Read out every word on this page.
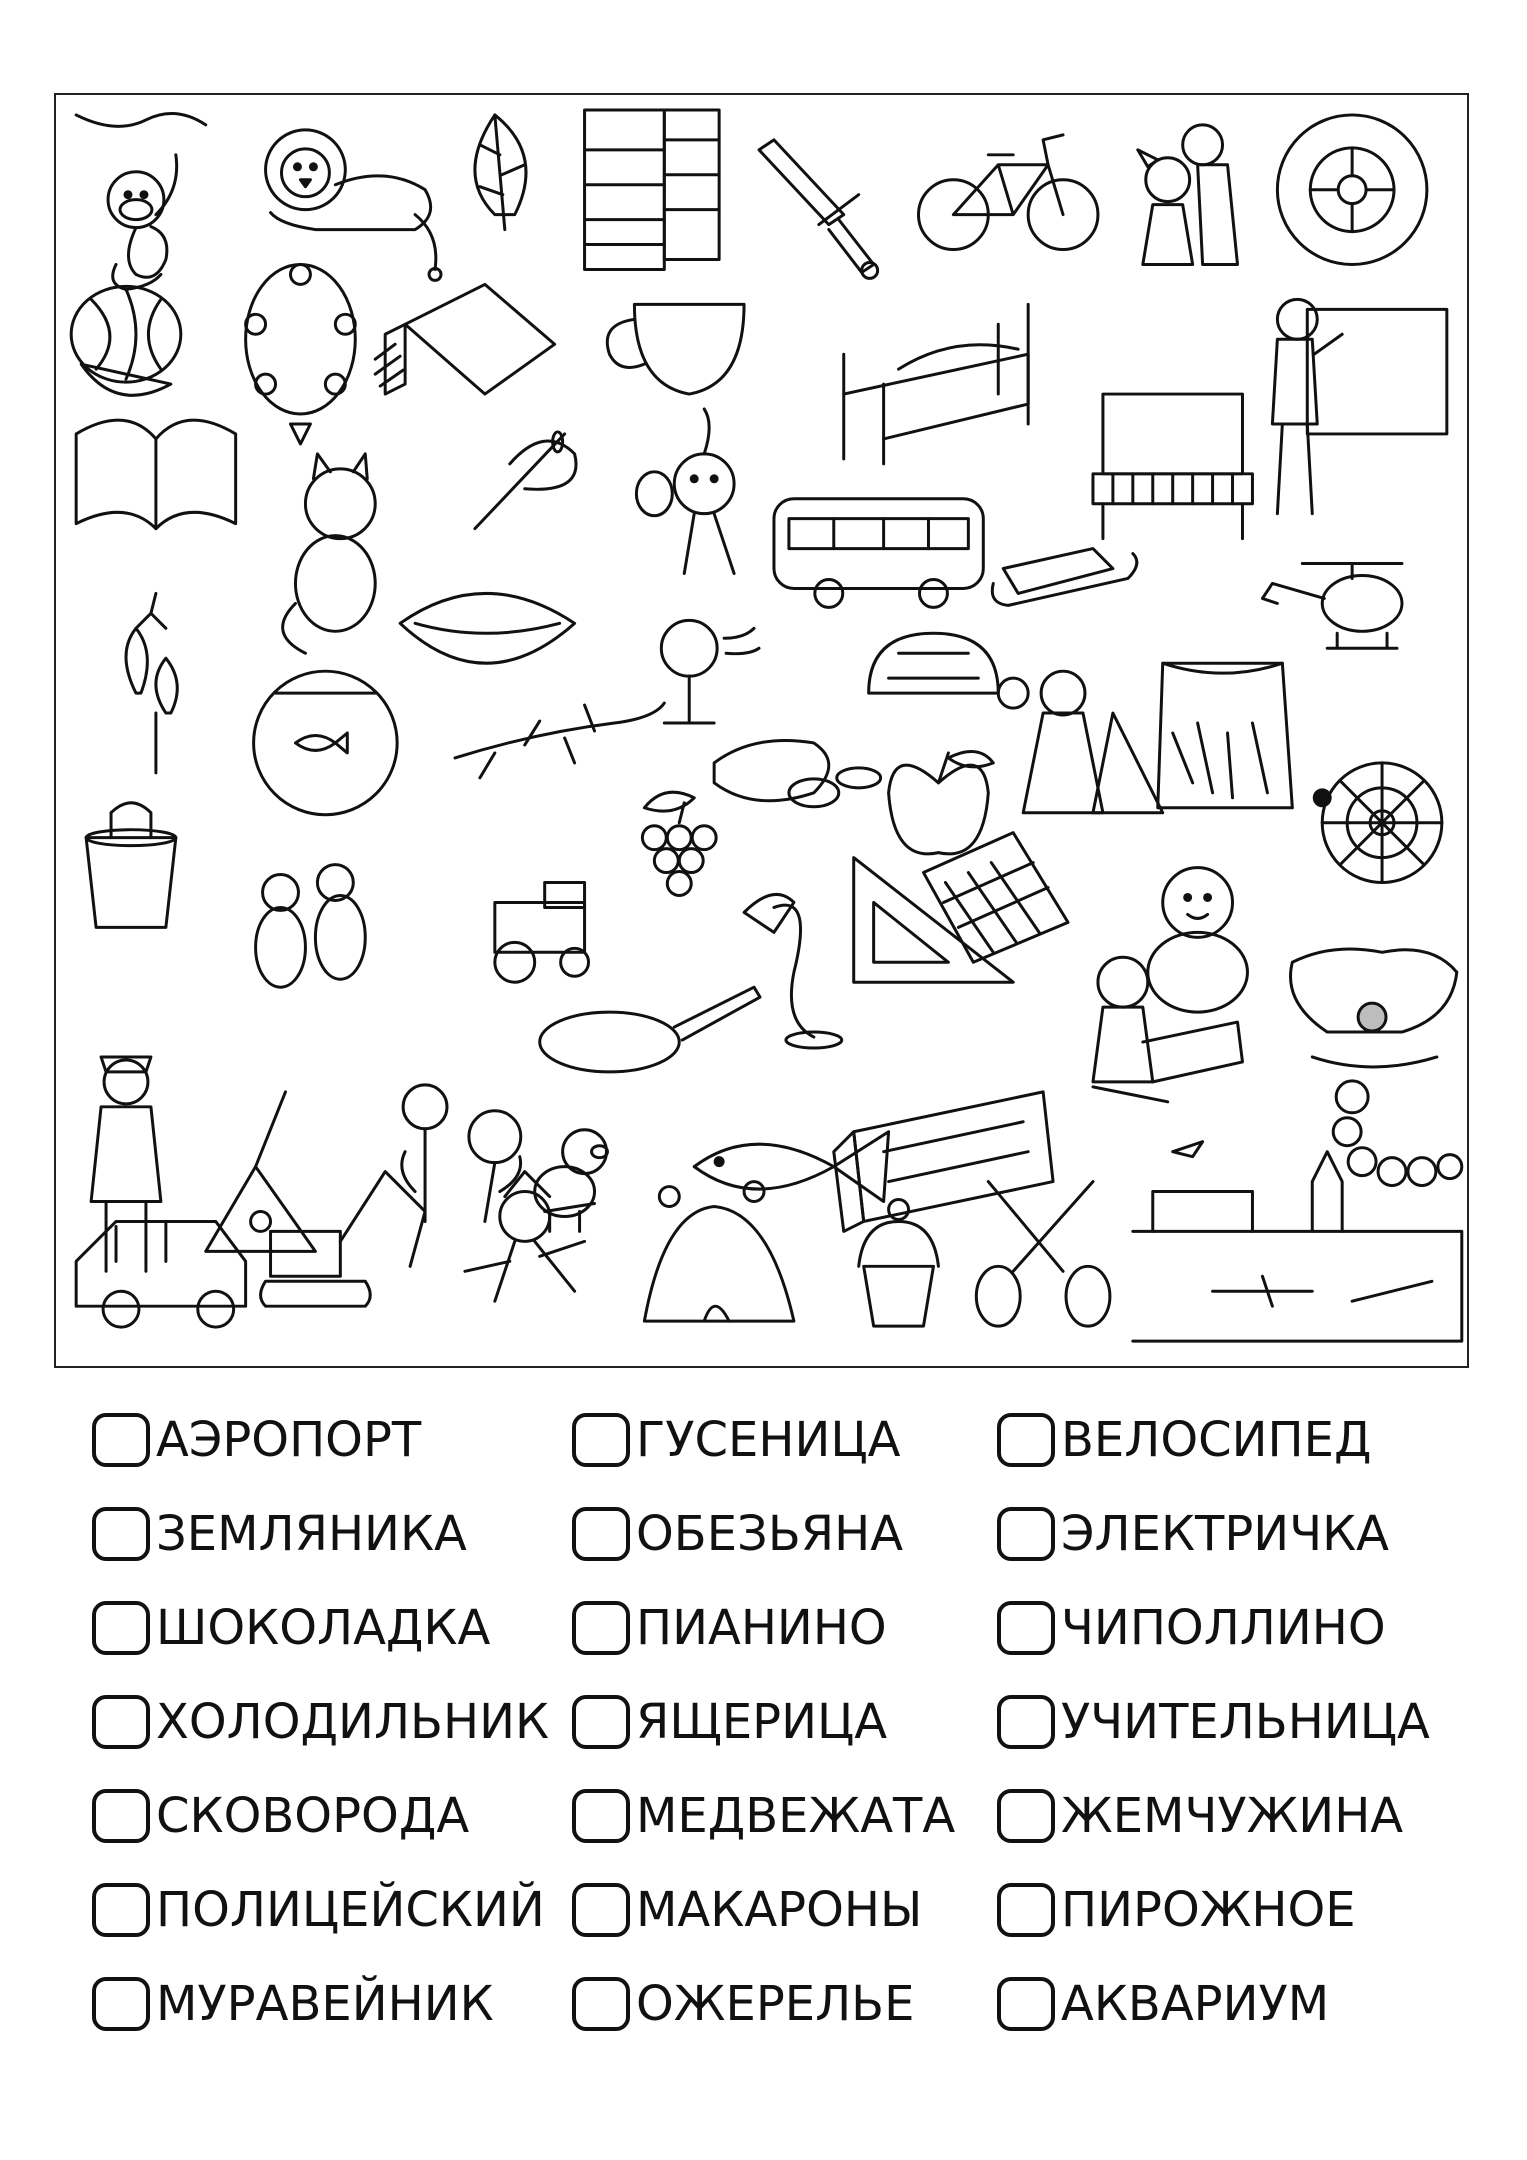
АЭРОПОРТ
ЗЕМЛЯНИКА
ШОКОЛАДКА
ХОЛОДИЛЬНИК
СКОВОРОДА
ПОЛИЦЕЙСКИЙ
МУРАВЕЙНИК
ГУСЕНИЦА
ОБЕЗЬЯНА
ПИАНИНО
ЯЩЕРИЦА
МЕДВЕЖАТА
МАКАРОНЫ
ОЖЕРЕЛЬЕ
ВЕЛОСИПЕД
ЭЛЕКТРИЧКА
ЧИПОЛЛИНО
УЧИТЕЛЬНИЦА
ЖЕМЧУЖИНА
ПИРОЖНОЕ
АКВАРИУМ
